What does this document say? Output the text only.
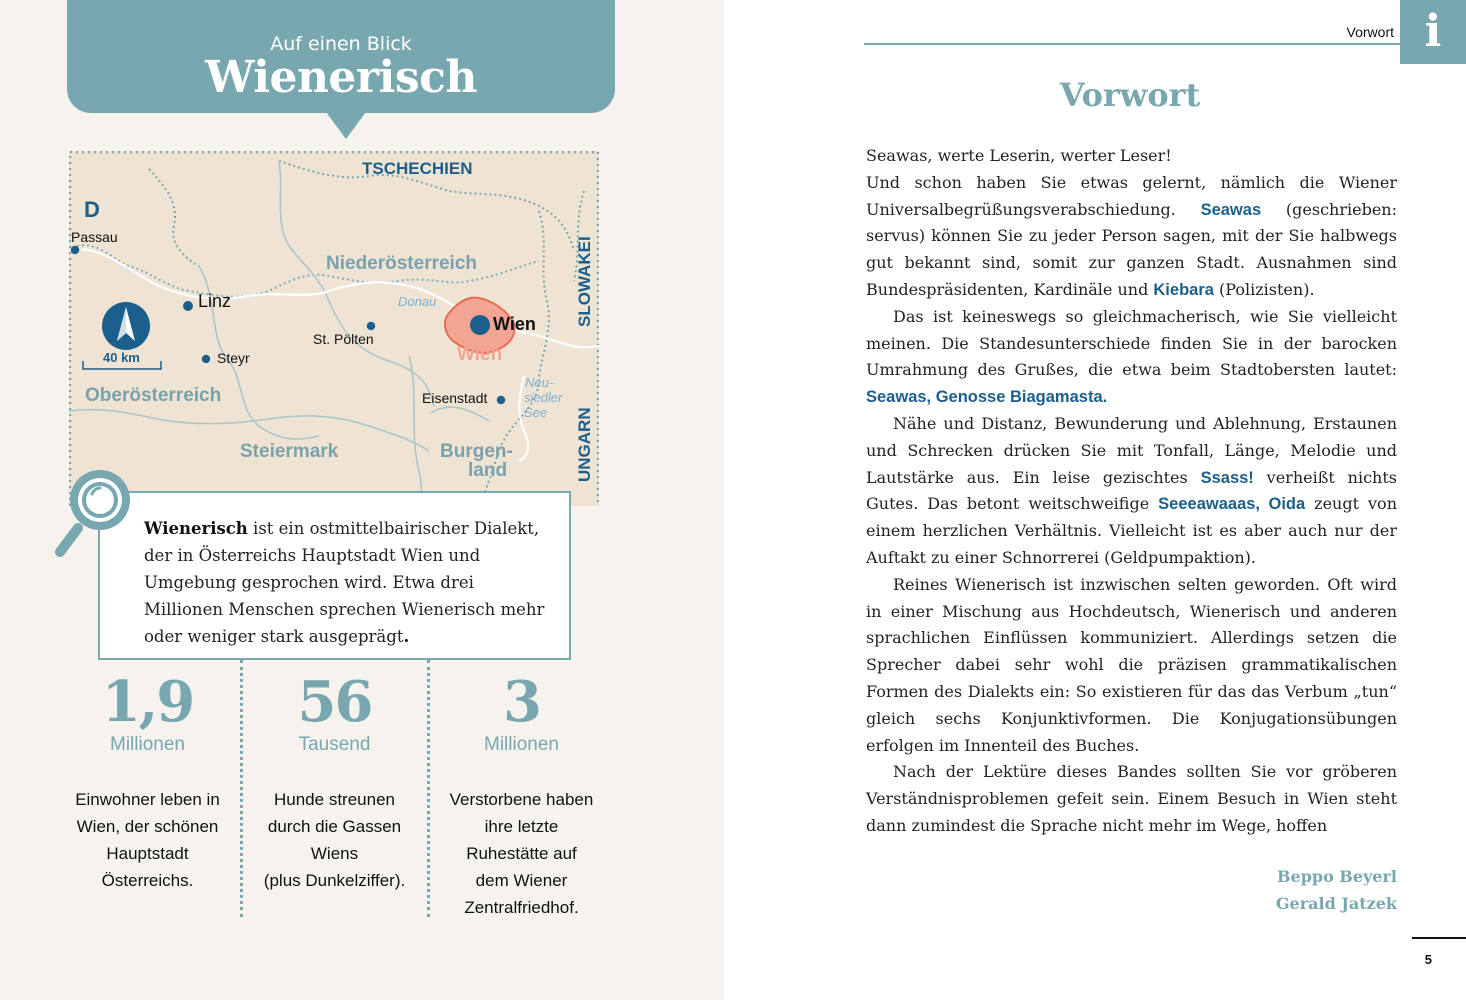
Auf einen Blick
Wienerisch
TSCHECHIEN
D
SLOWAKEI
UNGARN
Niederösterreich
Oberösterreich
Steiermark	Burgen-
land
Wien
Passau
Linz
Steyr
St. Pölten
Wien
Eisenstadt
Donau
Neu-
siedler
See
40 km

Wienerisch ist ein ostmittelbairischer Dialekt, der in Österreichs Hauptstadt Wien und Umgebung gesprochen wird. Etwa drei Millionen Menschen sprechen Wienerisch mehr oder weniger stark ausgeprägt.

1,9
Millionen
Einwohner leben in
Wien, der schönen
Hauptstadt
Österreichs.
56
Tausend
Hunde streunen
durch die Gassen
Wiens
(plus Dunkelziffer).
3
Millionen
Verstorbene haben
ihre letzte
Ruhestätte auf
dem Wiener
Zentralfriedhof.
Vorwort i
Vorwort

Seawas, werte Leserin, werter Leser!

Und schon haben Sie etwas gelernt, nämlich die Wiener Universalbegrüßungsverabschiedung. Seawas (geschrieben: servus) können Sie zu jeder Person sagen, mit der Sie halbwegs gut bekannt sind, somit zur ganzen Stadt. Ausnahmen sind Bundespräsidenten, Kardinäle und Kiebara (Polizisten).

Das ist keineswegs so gleichmacherisch, wie Sie vielleicht meinen. Die Standesunterschiede finden Sie in der barocken Umrahmung des Grußes, die etwa beim Stadtobersten lautet: Seawas, Genosse Biagamasta.

Nähe und Distanz, Bewunderung und Ablehnung, Erstaunen und Schrecken drücken Sie mit Tonfall, Länge, Melodie und Lautstärke aus. Ein leise gezischtes Ssass! verheißt nichts Gutes. Das betont weitschweifige Seeeawaaas, Oida zeugt von einem herzlichen Verhältnis. Vielleicht ist es aber auch nur der Auftakt zu einer Schnorrerei (Geldpumpaktion).

Reines Wienerisch ist inzwischen selten geworden. Oft wird in einer Mischung aus Hochdeutsch, Wienerisch und anderen sprachlichen Einflüssen kommuniziert. Allerdings setzen die Sprecher dabei sehr wohl die präzisen grammatikalischen Formen des Dialekts ein: So existieren für das das Verbum „tun“ gleich sechs Konjunktivformen. Die Konjugationsübungen erfolgen im Innenteil des Buches.

Nach der Lektüre dieses Bandes sollten Sie vor gröberen Verständnisproblemen gefeit sein. Einem Besuch in Wien steht dann zumindest die Sprache nicht mehr im Wege, hoffen

Beppo Beyerl
Gerald Jatzek
5
